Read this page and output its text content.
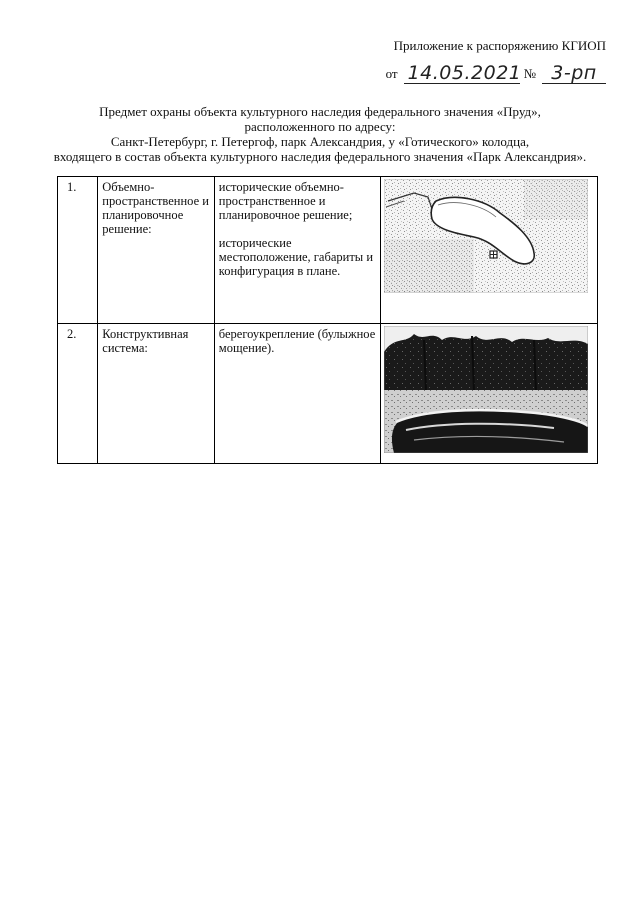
Приложение к распоряжению КГИОП
от 14.05.2021 № 3-рп
Предмет охраны объекта культурного наследия федерального значения «Пруд»,
расположенного по адресу:
Санкт-Петербург, г. Петергоф, парк Александрия, у «Готического» колодца,
входящего в состав объекта культурного наследия федерального значения «Парк Александрия».
1.	Объемно-пространственное и планировочное решение:	исторические объемно-пространственное и планировочное решение;
исторические местоположение, габариты и конфигурация в плане.

2.	Конструктивная система:	берегоукрепление (булыжное мощение).
